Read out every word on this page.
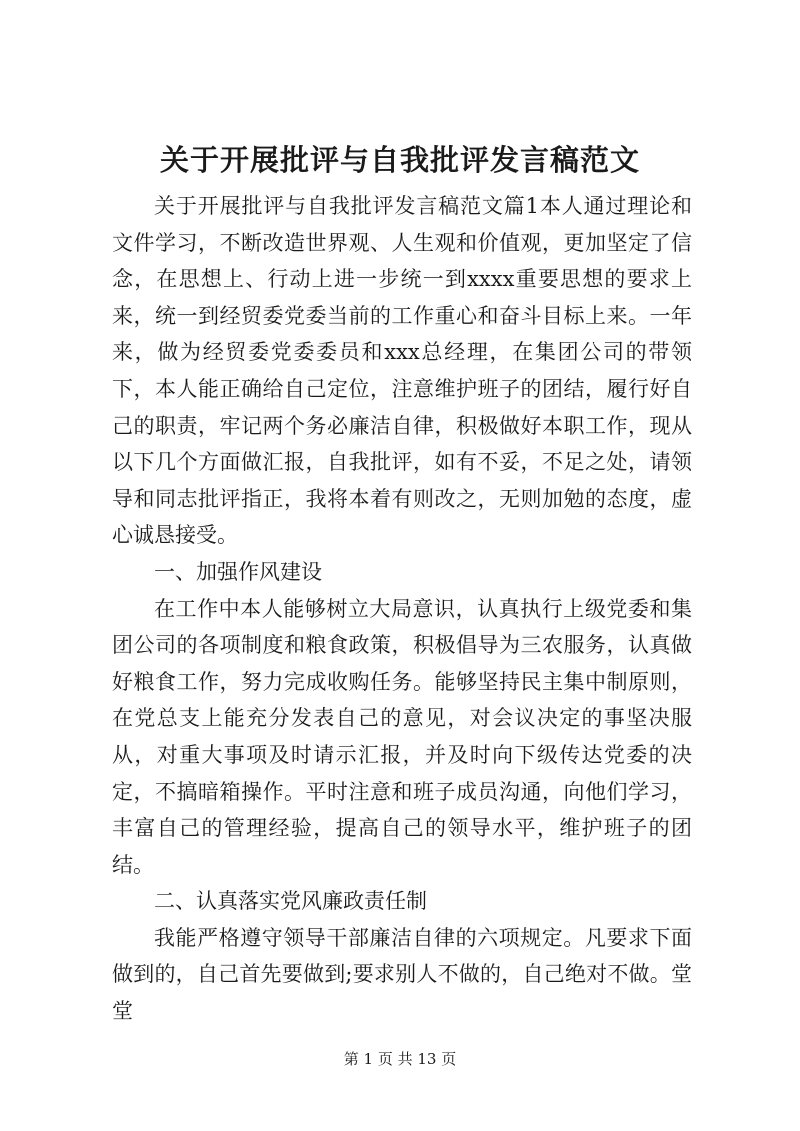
关于开展批评与自我批评发言稿范文

关于开展批评与自我批评发言稿范文篇1本人通过理论和文件学习，不断改造世界观、人生观和价值观，更加坚定了信念，在思想上、行动上进一步统一到xxxx重要思想的要求上来，统一到经贸委党委当前的工作重心和奋斗目标上来。一年来，做为经贸委党委委员和xxx总经理，在集团公司的带领下，本人能正确给自己定位，注意维护班子的团结，履行好自己的职责，牢记两个务必廉洁自律，积极做好本职工作，现从以下几个方面做汇报，自我批评，如有不妥，不足之处，请领导和同志批评指正，我将本着有则改之，无则加勉的态度，虚心诚恳接受。

一、加强作风建设

在工作中本人能够树立大局意识，认真执行上级党委和集团公司的各项制度和粮食政策，积极倡导为三农服务，认真做好粮食工作，努力完成收购任务。能够坚持民主集中制原则，在党总支上能充分发表自己的意见，对会议决定的事坚决服从，对重大事项及时请示汇报，并及时向下级传达党委的决定，不搞暗箱操作。平时注意和班子成员沟通，向他们学习，丰富自己的管理经验，提高自己的领导水平，维护班子的团结。

二、认真落实党风廉政责任制

我能严格遵守领导干部廉洁自律的六项规定。凡要求下面做到的，自己首先要做到;要求别人不做的，自己绝对不做。堂堂

第 1 页 共 13 页
